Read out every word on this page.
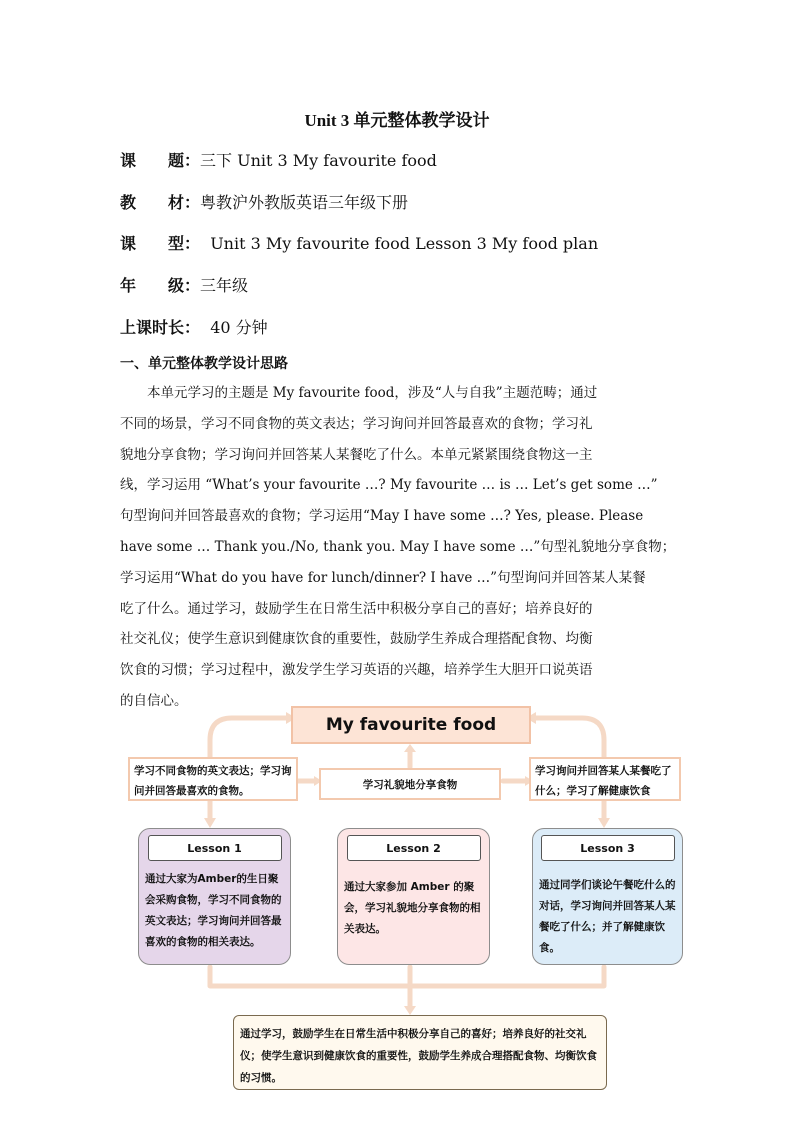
Unit 3 单元整体教学设计
课　　题：三下 Unit 3 My favourite food
教　　材：粤教沪外教版英语三年级下册
课　　型：  Unit 3 My favourite food Lesson 3 My food plan
年　　级：三年级
上课时长：  40 分钟
一、单元整体教学设计思路
　　本单元学习的主题是 My favourite food，涉及“人与自我”主题范畴；通过
不同的场景，学习不同食物的英文表达；学习询问并回答最喜欢的食物；学习礼
貌地分享食物；学习询问并回答某人某餐吃了什么。本单元紧紧围绕食物这一主
线，学习运用 “What’s your favourite …? My favourite … is … Let’s get some …”
句型询问并回答最喜欢的食物；学习运用“May I have some …? Yes, please. Please
have some … Thank you./No, thank you. May I have some …”句型礼貌地分享食物；
学习运用“What do you have for lunch/dinner? I have …”句型询问并回答某人某餐
吃了什么。通过学习，鼓励学生在日常生活中积极分享自己的喜好；培养良好的
社交礼仪；使学生意识到健康饮食的重要性，鼓励学生养成合理搭配食物、均衡
饮食的习惯；学习过程中，激发学生学习英语的兴趣，培养学生大胆开口说英语
的自信心。
My favourite food
学习不同食物的英文表达；学习询问并回答最喜欢的食物。
学习礼貌地分享食物
学习询问并回答某人某餐吃了什么；学习了解健康饮食
Lesson 1
通过大家为Amber的生日聚会采购食物，学习不同食物的英文表达；学习询问并回答最喜欢的食物的相关表达。
Lesson 2
通过大家参加 Amber 的聚会，学习礼貌地分享食物的相关表达。
Lesson 3
通过同学们谈论午餐吃什么的对话，学习询问并回答某人某餐吃了什么；并了解健康饮食。
通过学习，鼓励学生在日常生活中积极分享自己的喜好；培养良好的社交礼仪；使学生意识到健康饮食的重要性，鼓励学生养成合理搭配食物、均衡饮食的习惯。
